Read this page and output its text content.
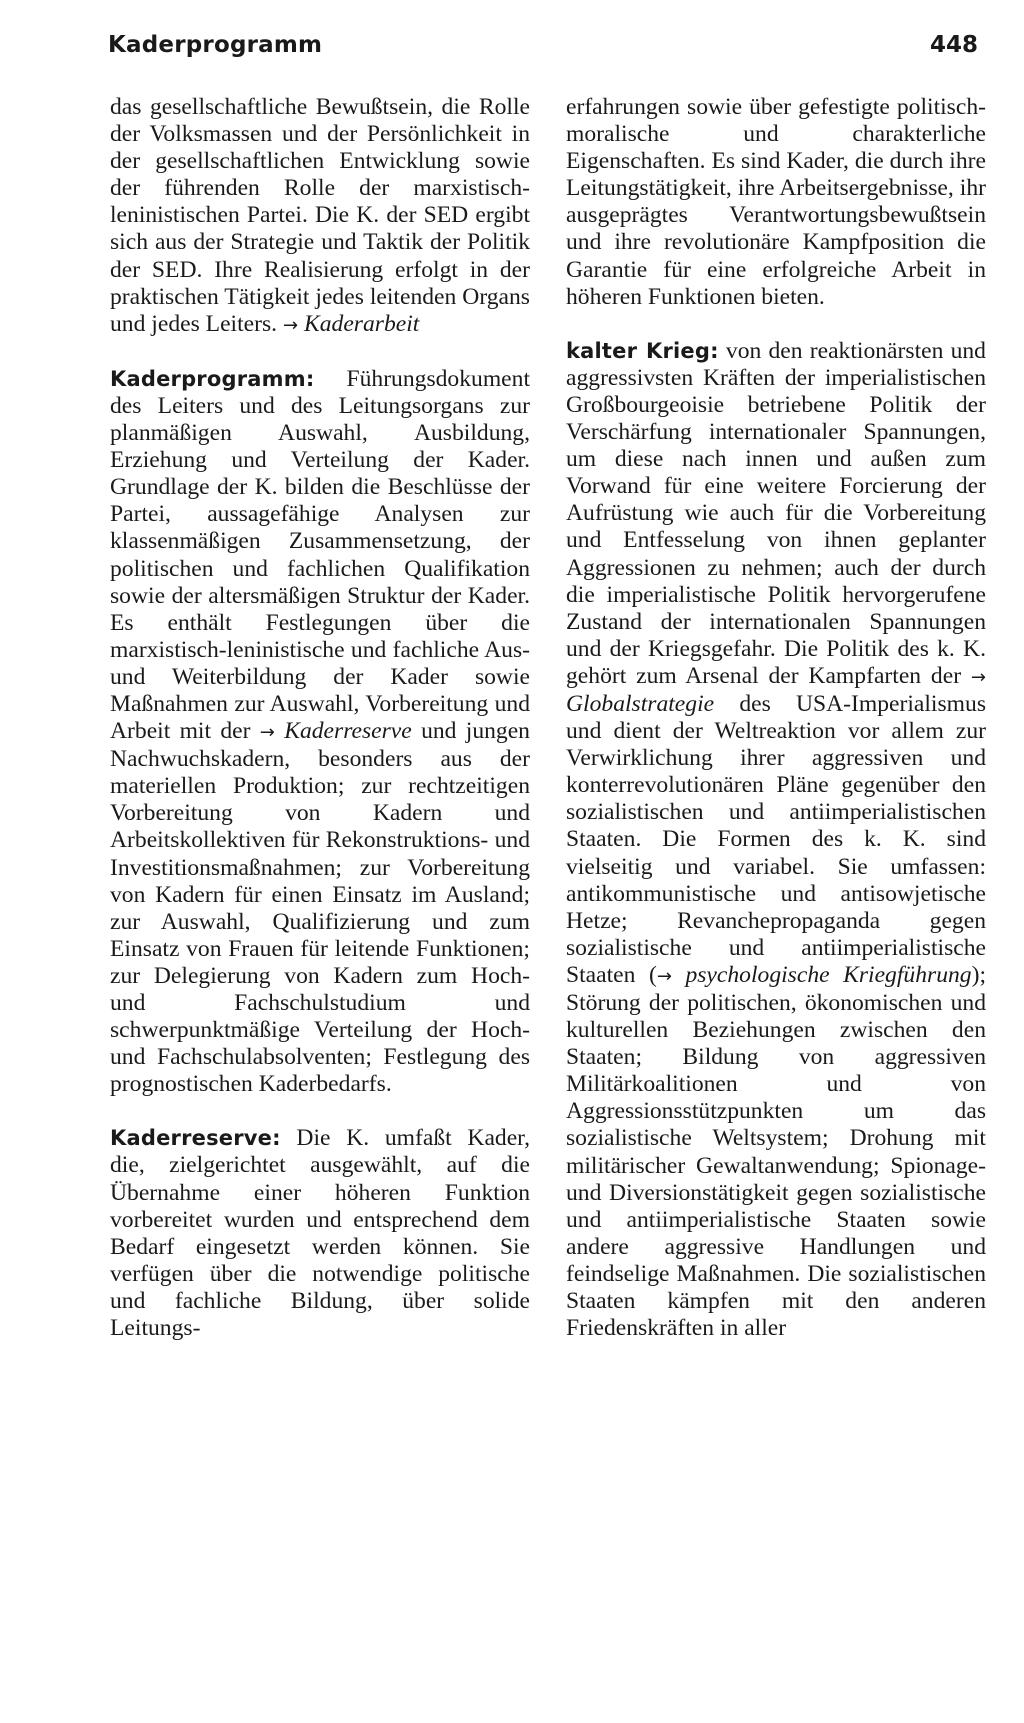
Kaderprogramm	448

das gesellschaftliche Bewußtsein, die Rolle der Volksmassen und der Persönlichkeit in der gesellschaftlichen Entwicklung sowie der führenden Rolle der marxistisch-leninistischen Partei. Die K. der SED ergibt sich aus der Strategie und Taktik der Politik der SED. Ihre Realisierung erfolgt in der praktischen Tätigkeit jedes leitenden Organs und jedes Leiters. → Kaderarbeit

Kaderprogramm: Führungsdokument des Leiters und des Leitungsorgans zur planmäßigen Auswahl, Ausbildung, Erziehung und Verteilung der Kader. Grundlage der K. bilden die Beschlüsse der Partei, aussagefähige Analysen zur klassenmäßigen Zusammensetzung, der politischen und fachlichen Qualifikation sowie der altersmäßigen Struktur der Kader. Es enthält Festlegungen über die marxistisch-leninistische und fachliche Aus- und Weiterbildung der Kader sowie Maßnahmen zur Auswahl, Vorbereitung und Arbeit mit der → Kaderreserve und jungen Nachwuchskadern, besonders aus der materiellen Produktion; zur rechtzeitigen Vorbereitung von Kadern und Arbeitskollektiven für Rekonstruktions- und Investitionsmaßnahmen; zur Vorbereitung von Kadern für einen Einsatz im Ausland; zur Auswahl, Qualifizierung und zum Einsatz von Frauen für leitende Funktionen; zur Delegierung von Kadern zum Hoch- und Fachschulstudium und schwerpunktmäßige Verteilung der Hoch- und Fachschulabsolventen; Festlegung des prognostischen Kaderbedarfs.

Kaderreserve: Die K. umfaßt Kader, die, zielgerichtet ausgewählt, auf die Übernahme einer höheren Funktion vorbereitet wurden und entsprechend dem Bedarf eingesetzt werden können. Sie verfügen über die notwendige politische und fachliche Bildung, über solide Leitungs-

erfahrungen sowie über gefestigte politisch-moralische und charakterliche Eigenschaften. Es sind Kader, die durch ihre Leitungstätigkeit, ihre Arbeitsergebnisse, ihr ausgeprägtes Verantwortungsbewußtsein und ihre revolutionäre Kampfposition die Garantie für eine erfolgreiche Arbeit in höheren Funktionen bieten.

kalter Krieg: von den reaktionärsten und aggressivsten Kräften der imperialistischen Großbourgeoisie betriebene Politik der Verschärfung internationaler Spannungen, um diese nach innen und außen zum Vorwand für eine weitere Forcierung der Aufrüstung wie auch für die Vorbereitung und Entfesselung von ihnen geplanter Aggressionen zu nehmen; auch der durch die imperialistische Politik hervorgerufene Zustand der internationalen Spannungen und der Kriegsgefahr. Die Politik des k. K. gehört zum Arsenal der Kampfarten der → Globalstrategie des USA-Imperialismus und dient der Weltreaktion vor allem zur Verwirklichung ihrer aggressiven und konterrevolutionären Pläne gegenüber den sozialistischen und antiimperialistischen Staaten. Die Formen des k. K. sind vielseitig und variabel. Sie umfassen: antikommunistische und antisowjetische Hetze; Revanchepropaganda gegen sozialistische und antiimperialistische Staaten (→ psychologische Kriegführung); Störung der politischen, ökonomischen und kulturellen Beziehungen zwischen den Staaten; Bildung von aggressiven Militärkoalitionen und von Aggressionsstützpunkten um das sozialistische Weltsystem; Drohung mit militärischer Gewaltanwendung; Spionage- und Diversionstätigkeit gegen sozialistische und antiimperialistische Staaten sowie andere aggressive Handlungen und feindselige Maßnahmen. Die sozialistischen Staaten kämpfen mit den anderen Friedenskräften in aller
